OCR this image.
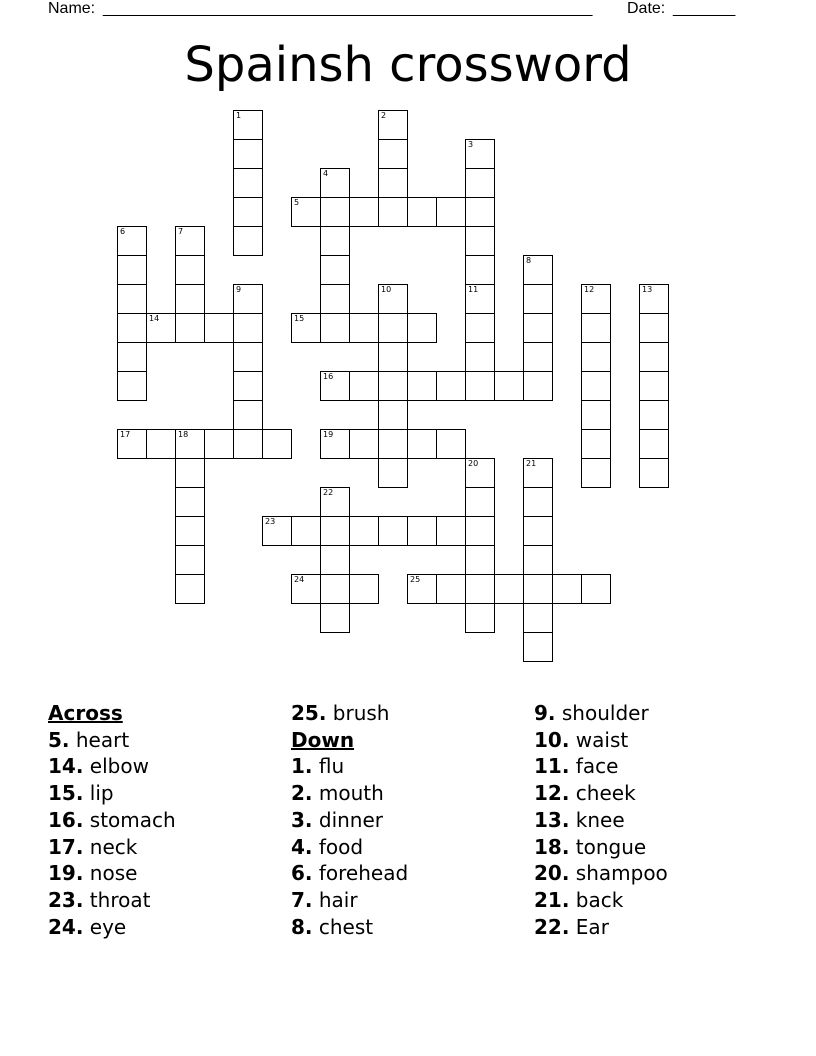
Name: _______________________________________________________ Date: _______
Spainsh crossword
1	2
3
4
5
6	7
8
9	10	11	12	13
14	15
16
17	18	19
20	21
22
23
24	25
Across
5. heart
14. elbow
15. lip
16. stomach
17. neck
19. nose
23. throat
24. eye
25. brush
Down
1. flu
2. mouth
3. dinner
4. food
6. forehead
7. hair
8. chest
9. shoulder
10. waist
11. face
12. cheek
13. knee
18. tongue
20. shampoo
21. back
22. Ear
